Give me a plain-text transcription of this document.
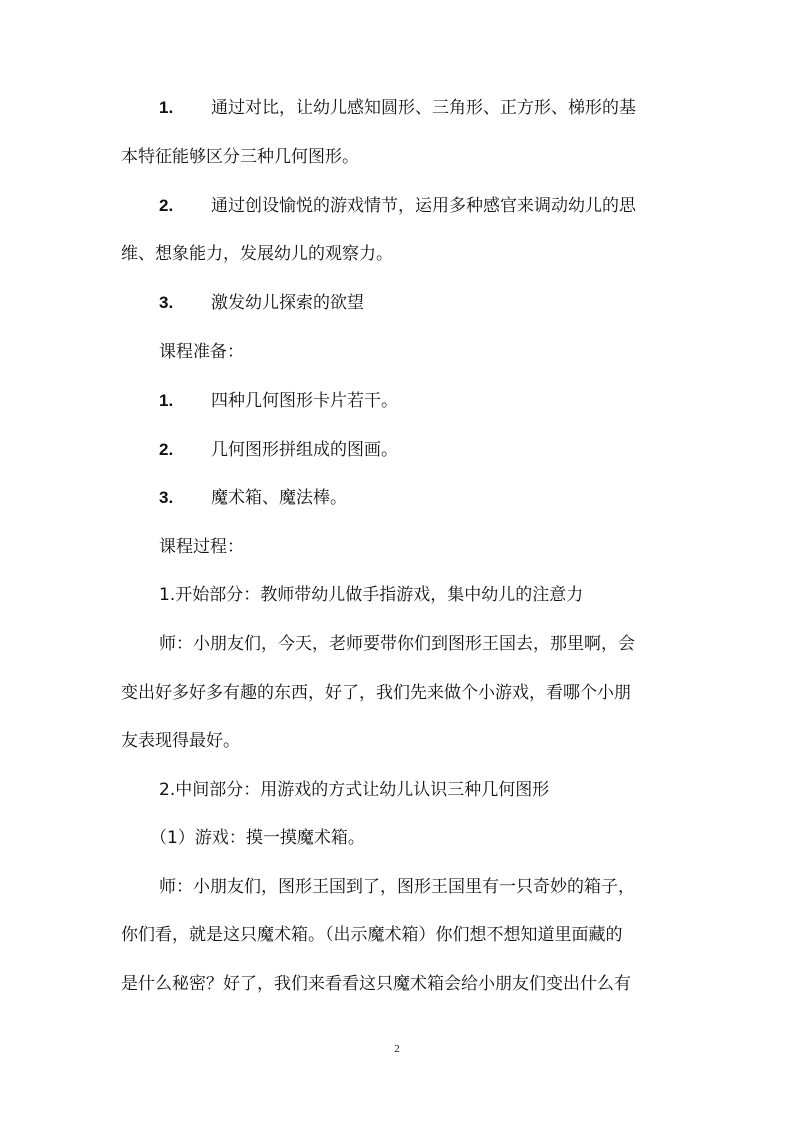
1. 通过对比，让幼儿感知圆形、三角形、正方形、梯形的基
本特征能够区分三种几何图形。
2. 通过创设愉悦的游戏情节，运用多种感官来调动幼儿的思
维、想象能力，发展幼儿的观察力。
3. 激发幼儿探索的欲望
课程准备：
1. 四种几何图形卡片若干。
2. 几何图形拼组成的图画。
3. 魔术箱、魔法棒。
课程过程：
1.开始部分：教师带幼儿做手指游戏，集中幼儿的注意力
师：小朋友们，今天，老师要带你们到图形王国去，那里啊，会
变出好多好多有趣的东西，好了，我们先来做个小游戏，看哪个小朋
友表现得最好。
2.中间部分：用游戏的方式让幼儿认识三种几何图形
（1）游戏：摸一摸魔术箱。
师：小朋友们，图形王国到了，图形王国里有一只奇妙的箱子，
你们看，就是这只魔术箱。（出示魔术箱）你们想不想知道里面藏的
是什么秘密？好了，我们来看看这只魔术箱会给小朋友们变出什么有
2
